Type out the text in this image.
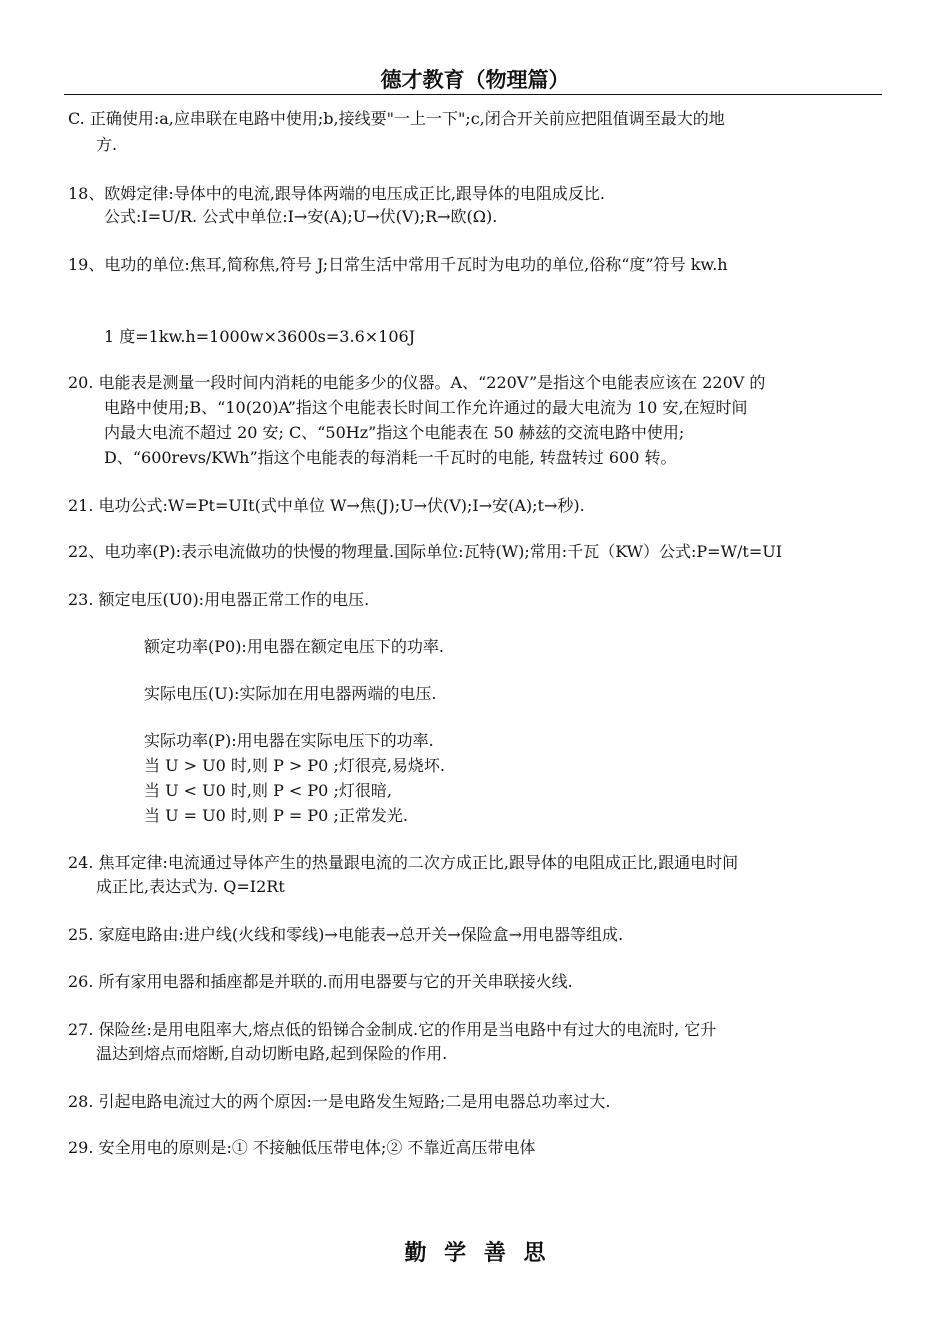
德才教育（物理篇）
C. 正确使用:a,应串联在电路中使用;b,接线要"一上一下";c,闭合开关前应把阻值调至最大的地
方.
18、欧姆定律:导体中的电流,跟导体两端的电压成正比,跟导体的电阻成反比.
公式:I=U/R. 公式中单位:I→安(A);U→伏(V);R→欧(Ω).
19、电功的单位:焦耳,简称焦,符号 J;日常生活中常用千瓦时为电功的单位,俗称“度”符号 kw.h
1 度=1kw.h=1000w×3600s=3.6×106J
20. 电能表是测量一段时间内消耗的电能多少的仪器。A、“220V”是指这个电能表应该在 220V 的
电路中使用;B、“10(20)A”指这个电能表长时间工作允许通过的最大电流为 10 安,在短时间
内最大电流不超过 20 安; C、“50Hz”指这个电能表在 50 赫兹的交流电路中使用;
D、“600revs/KWh”指这个电能表的每消耗一千瓦时的电能, 转盘转过 600 转。
21. 电功公式:W=Pt=UIt(式中单位 W→焦(J);U→伏(V);I→安(A);t→秒).
22、电功率(P):表示电流做功的快慢的物理量.国际单位:瓦特(W);常用:千瓦（KW）公式:P=W/t=UI
23. 额定电压(U0):用电器正常工作的电压.
额定功率(P0):用电器在额定电压下的功率.
实际电压(U):实际加在用电器两端的电压.
实际功率(P):用电器在实际电压下的功率.
当 U > U0 时,则 P > P0 ;灯很亮,易烧坏.
当 U < U0 时,则 P < P0 ;灯很暗,
当 U = U0 时,则 P = P0 ;正常发光.
24. 焦耳定律:电流通过导体产生的热量跟电流的二次方成正比,跟导体的电阻成正比,跟通电时间
成正比,表达式为. Q=I2Rt
25. 家庭电路由:进户线(火线和零线)→电能表→总开关→保险盒→用电器等组成.
26. 所有家用电器和插座都是并联的.而用电器要与它的开关串联接火线.
27. 保险丝:是用电阻率大,熔点低的铅锑合金制成.它的作用是当电路中有过大的电流时, 它升
温达到熔点而熔断,自动切断电路,起到保险的作用.
28. 引起电路电流过大的两个原因:一是电路发生短路;二是用电器总功率过大.
29. 安全用电的原则是:① 不接触低压带电体;② 不靠近高压带电体
勤 学 善 思
